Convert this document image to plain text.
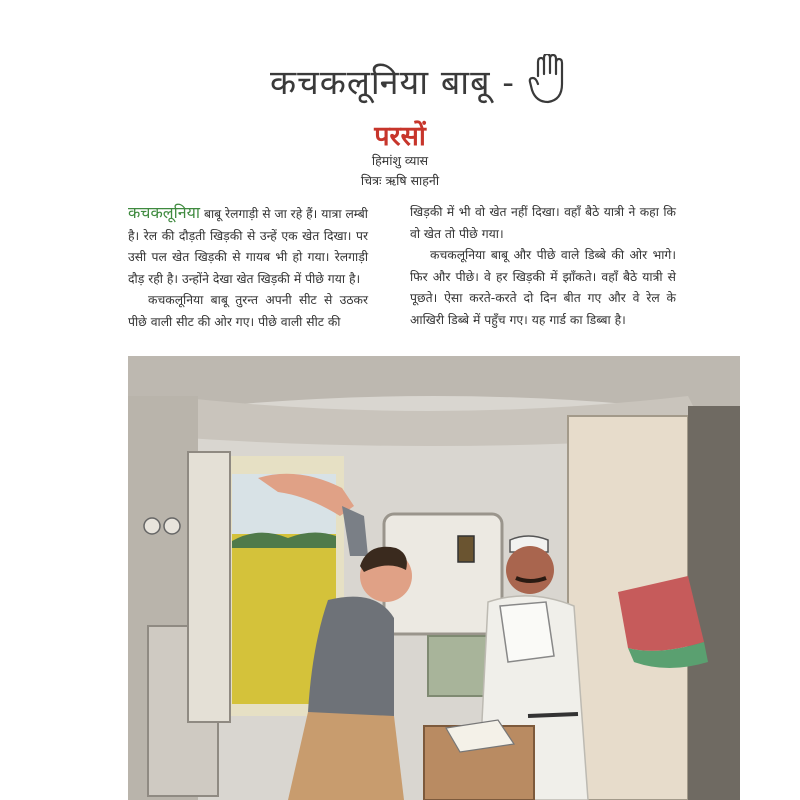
कचकलूनिया बाबू -
परसों
हिमांशु व्यास
चित्रः ऋषि साहनी

कचकलूनिया बाबू रेलगाड़ी से जा रहे हैं। यात्रा लम्बी है। रेल की दौड़ती खिड़की से उन्हें एक खेत दिखा। पर उसी पल खेत खिड़की से गायब भी हो गया। रेलगाड़ी दौड़ रही है। उन्होंने देखा खेत खिड़की में पीछे गया है।

कचकलूनिया बाबू तुरन्त अपनी सीट से उठकर पीछे वाली सीट की ओर गए। पीछे वाली सीट की

खिड़की में भी वो खेत नहीं दिखा। वहाँ बैठे यात्री ने कहा कि वो खेत तो पीछे गया।

कचकलूनिया बाबू और पीछे वाले डिब्बे की ओर भागे। फिर और पीछे। वे हर खिड़की में झाँकते। वहाँ बैठे यात्री से पूछते। ऐसा करते-करते दो दिन बीत गए और वे रेल के आखिरी डिब्बे में पहुँच गए। यह गार्ड का डिब्बा है।
